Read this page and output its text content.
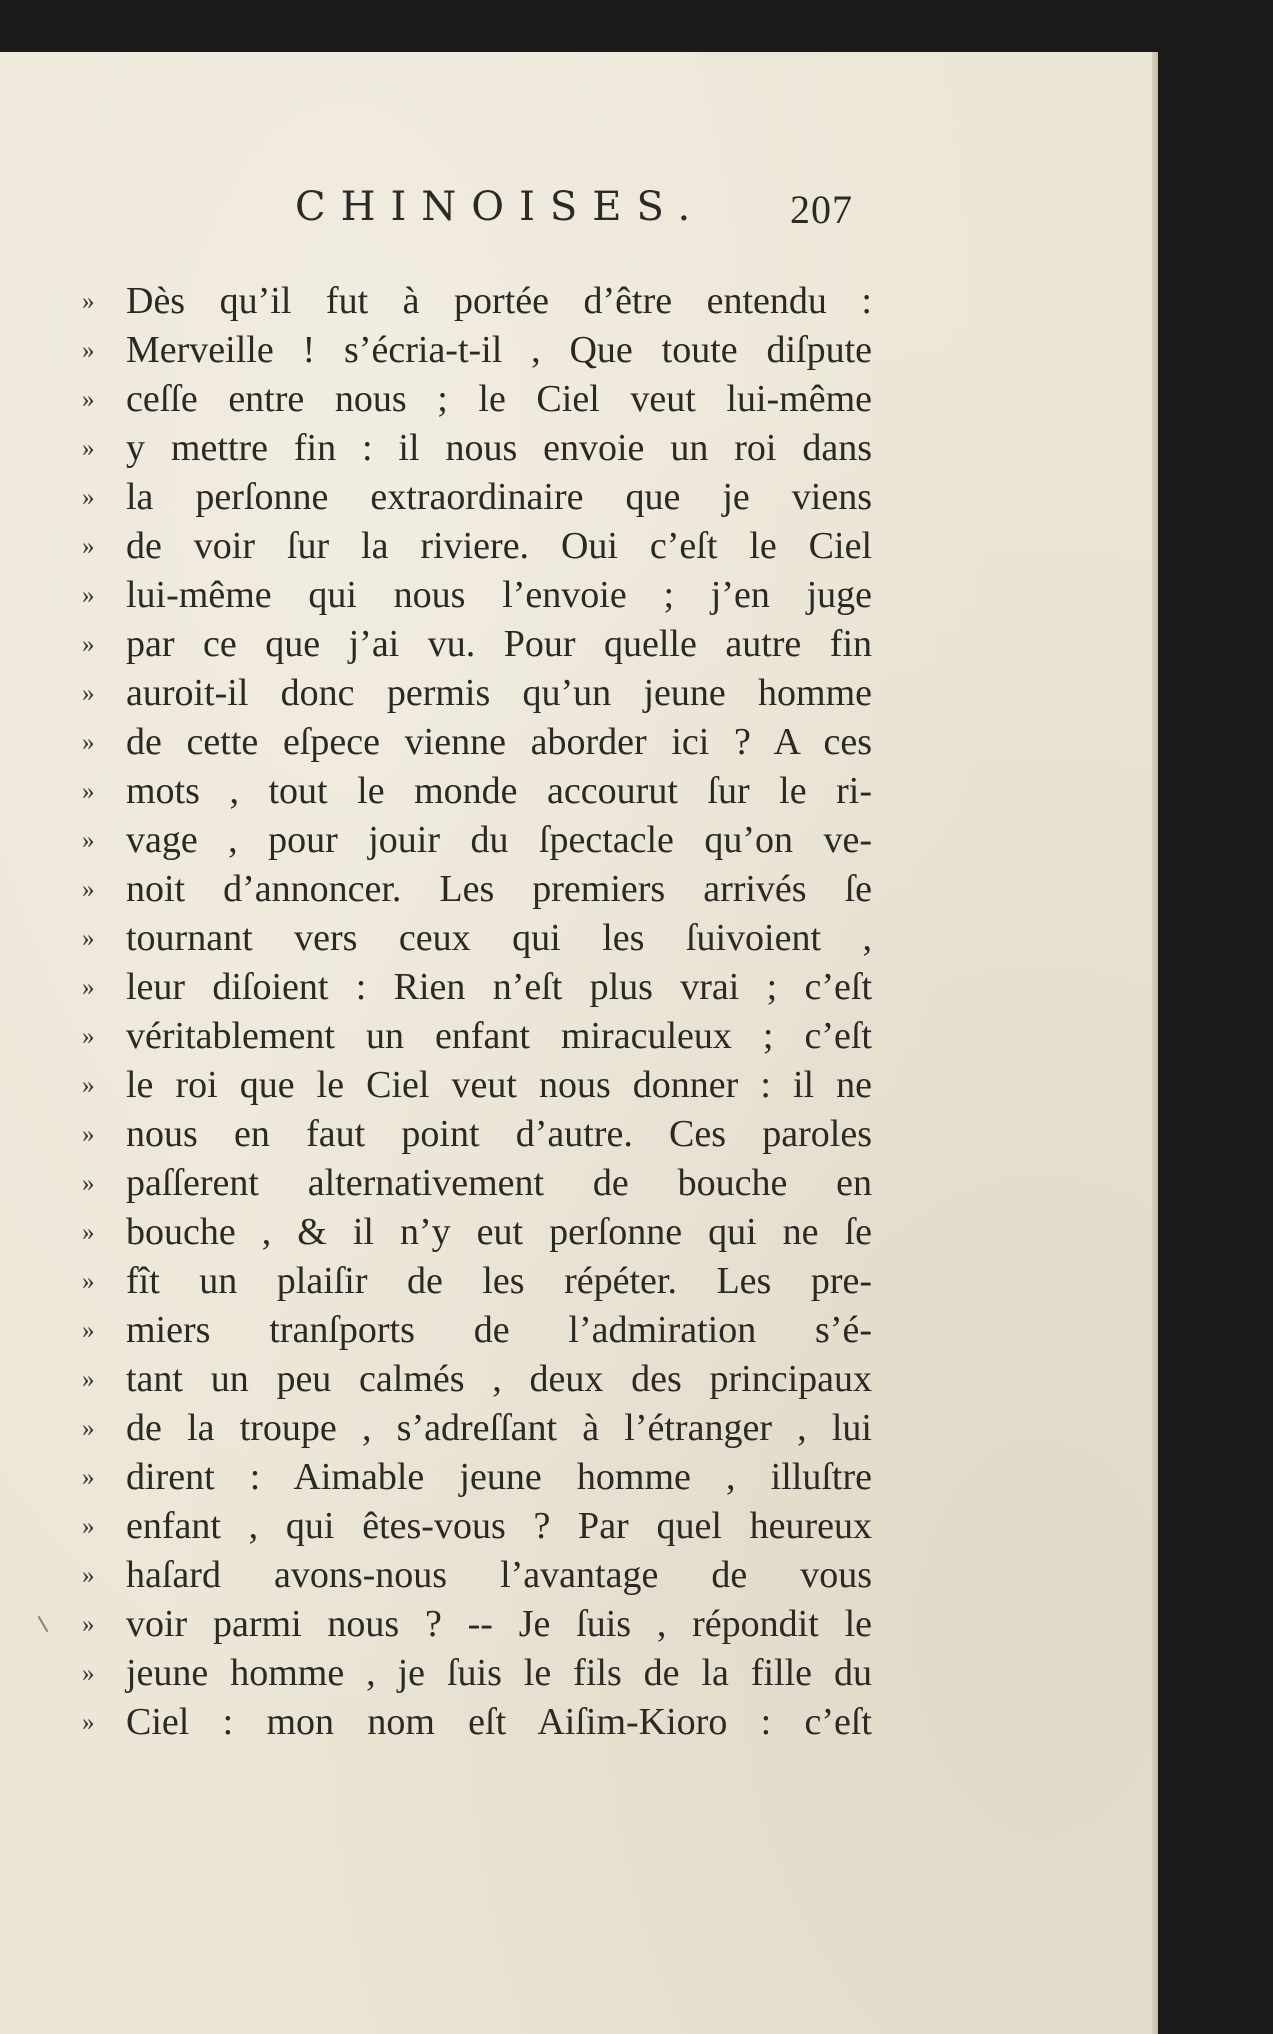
CHINOISES. 207
» Dès qu’il fut à portée d’être entendu :
» Merveille ! s’écria-t-il , Que toute diſpute
» ceſſe entre nous ; le Ciel veut lui-même
» y mettre fin : il nous envoie un roi dans
» la perſonne extraordinaire que je viens
» de voir ſur la riviere. Oui c’eſt le Ciel
» lui-même qui nous l’envoie ; j’en juge
» par ce que j’ai vu. Pour quelle autre fin
» auroit-il donc permis qu’un jeune homme
» de cette eſpece vienne aborder ici ? A ces
» mots , tout le monde accourut ſur le ri-
» vage , pour jouir du ſpectacle qu’on ve-
» noit d’annoncer. Les premiers arrivés ſe
» tournant vers ceux qui les ſuivoient ,
» leur diſoient : Rien n’eſt plus vrai ; c’eſt
» véritablement un enfant miraculeux ; c’eſt
» le roi que le Ciel veut nous donner : il ne
» nous en faut point d’autre. Ces paroles
» paſſerent alternativement de bouche en
» bouche , & il n’y eut perſonne qui ne ſe
» fît un plaiſir de les répéter. Les pre-
» miers tranſports de l’admiration s’é-
» tant un peu calmés , deux des principaux
» de la troupe , s’adreſſant à l’étranger , lui
» dirent : Aimable jeune homme , illuſtre
» enfant , qui êtes-vous ? Par quel heureux
» haſard avons-nous l’avantage de vous
» voir parmi nous ? -- Je ſuis , répondit le
» jeune homme , je ſuis le fils de la fille du
» Ciel : mon nom eſt Aiſim-Kioro : c’eſt
